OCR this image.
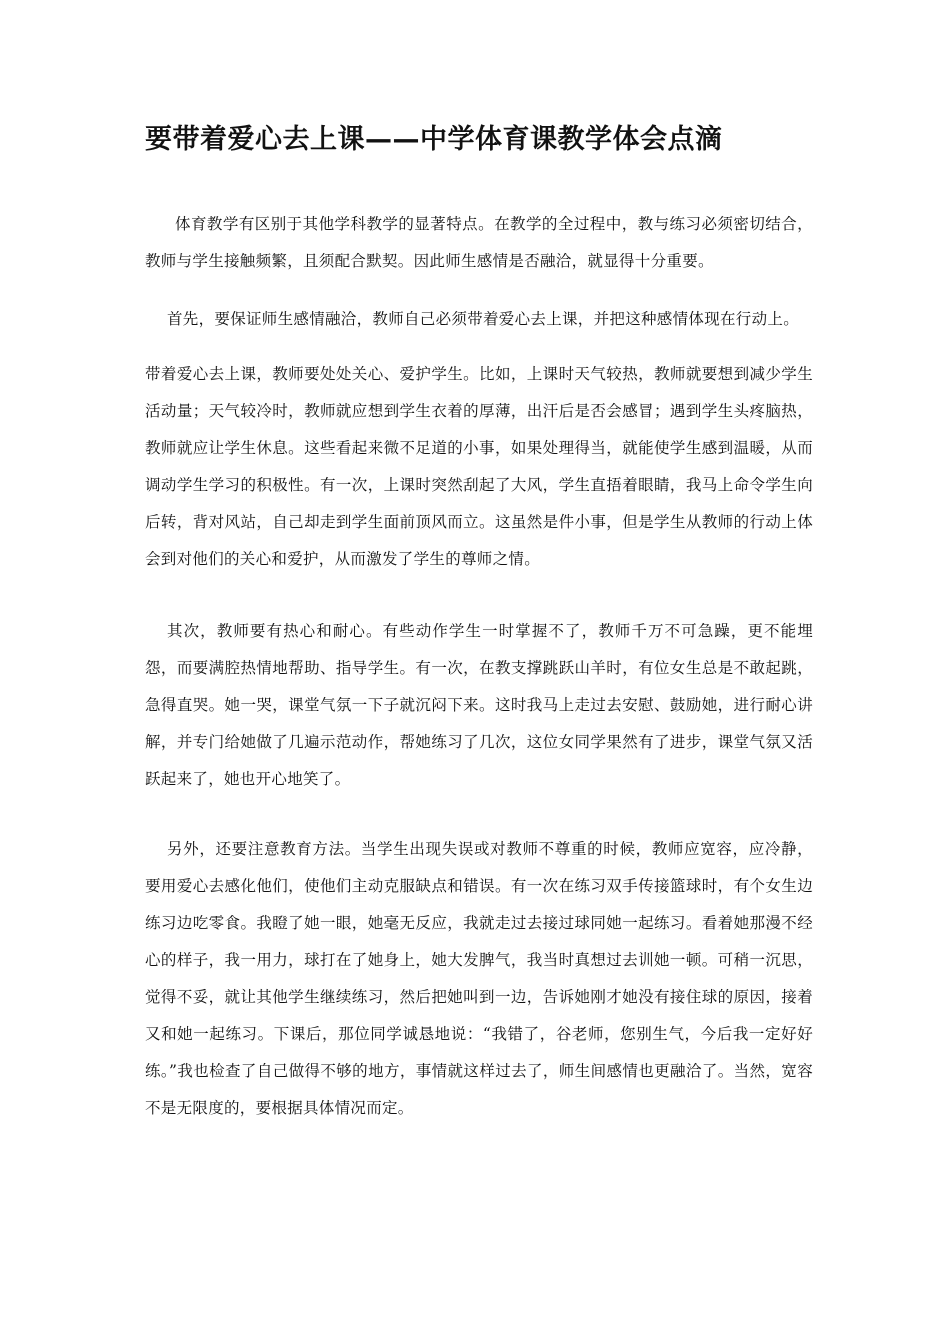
要带着爱心去上课——中学体育课教学体会点滴

体育教学有区别于其他学科教学的显著特点。在教学的全过程中，教与练习必须密切结合，教师与学生接触频繁，且须配合默契。因此师生感情是否融洽，就显得十分重要。

首先，要保证师生感情融洽，教师自己必须带着爱心去上课，并把这种感情体现在行动上。

带着爱心去上课，教师要处处关心、爱护学生。比如，上课时天气较热，教师就要想到减少学生活动量；天气较冷时，教师就应想到学生衣着的厚薄，出汗后是否会感冒；遇到学生头疼脑热，教师就应让学生休息。这些看起来微不足道的小事，如果处理得当，就能使学生感到温暖，从而调动学生学习的积极性。有一次，上课时突然刮起了大风，学生直捂着眼睛，我马上命令学生向后转，背对风站，自己却走到学生面前顶风而立。这虽然是件小事，但是学生从教师的行动上体会到对他们的关心和爱护，从而激发了学生的尊师之情。

其次，教师要有热心和耐心。有些动作学生一时掌握不了，教师千万不可急躁，更不能埋怨，而要满腔热情地帮助、指导学生。有一次，在教支撑跳跃山羊时，有位女生总是不敢起跳，急得直哭。她一哭，课堂气氛一下子就沉闷下来。这时我马上走过去安慰、鼓励她，进行耐心讲解，并专门给她做了几遍示范动作，帮她练习了几次，这位女同学果然有了进步，课堂气氛又活跃起来了，她也开心地笑了。

另外，还要注意教育方法。当学生出现失误或对教师不尊重的时候，教师应宽容，应冷静，要用爱心去感化他们，使他们主动克服缺点和错误。有一次在练习双手传接篮球时，有个女生边练习边吃零食。我瞪了她一眼，她毫无反应，我就走过去接过球同她一起练习。看着她那漫不经心的样子，我一用力，球打在了她身上，她大发脾气，我当时真想过去训她一顿。可稍一沉思，觉得不妥，就让其他学生继续练习，然后把她叫到一边，告诉她刚才她没有接住球的原因，接着又和她一起练习。下课后，那位同学诚恳地说：“我错了，谷老师，您别生气，今后我一定好好练。”我也检查了自己做得不够的地方，事情就这样过去了，师生间感情也更融洽了。当然，宽容不是无限度的，要根据具体情况而定。
